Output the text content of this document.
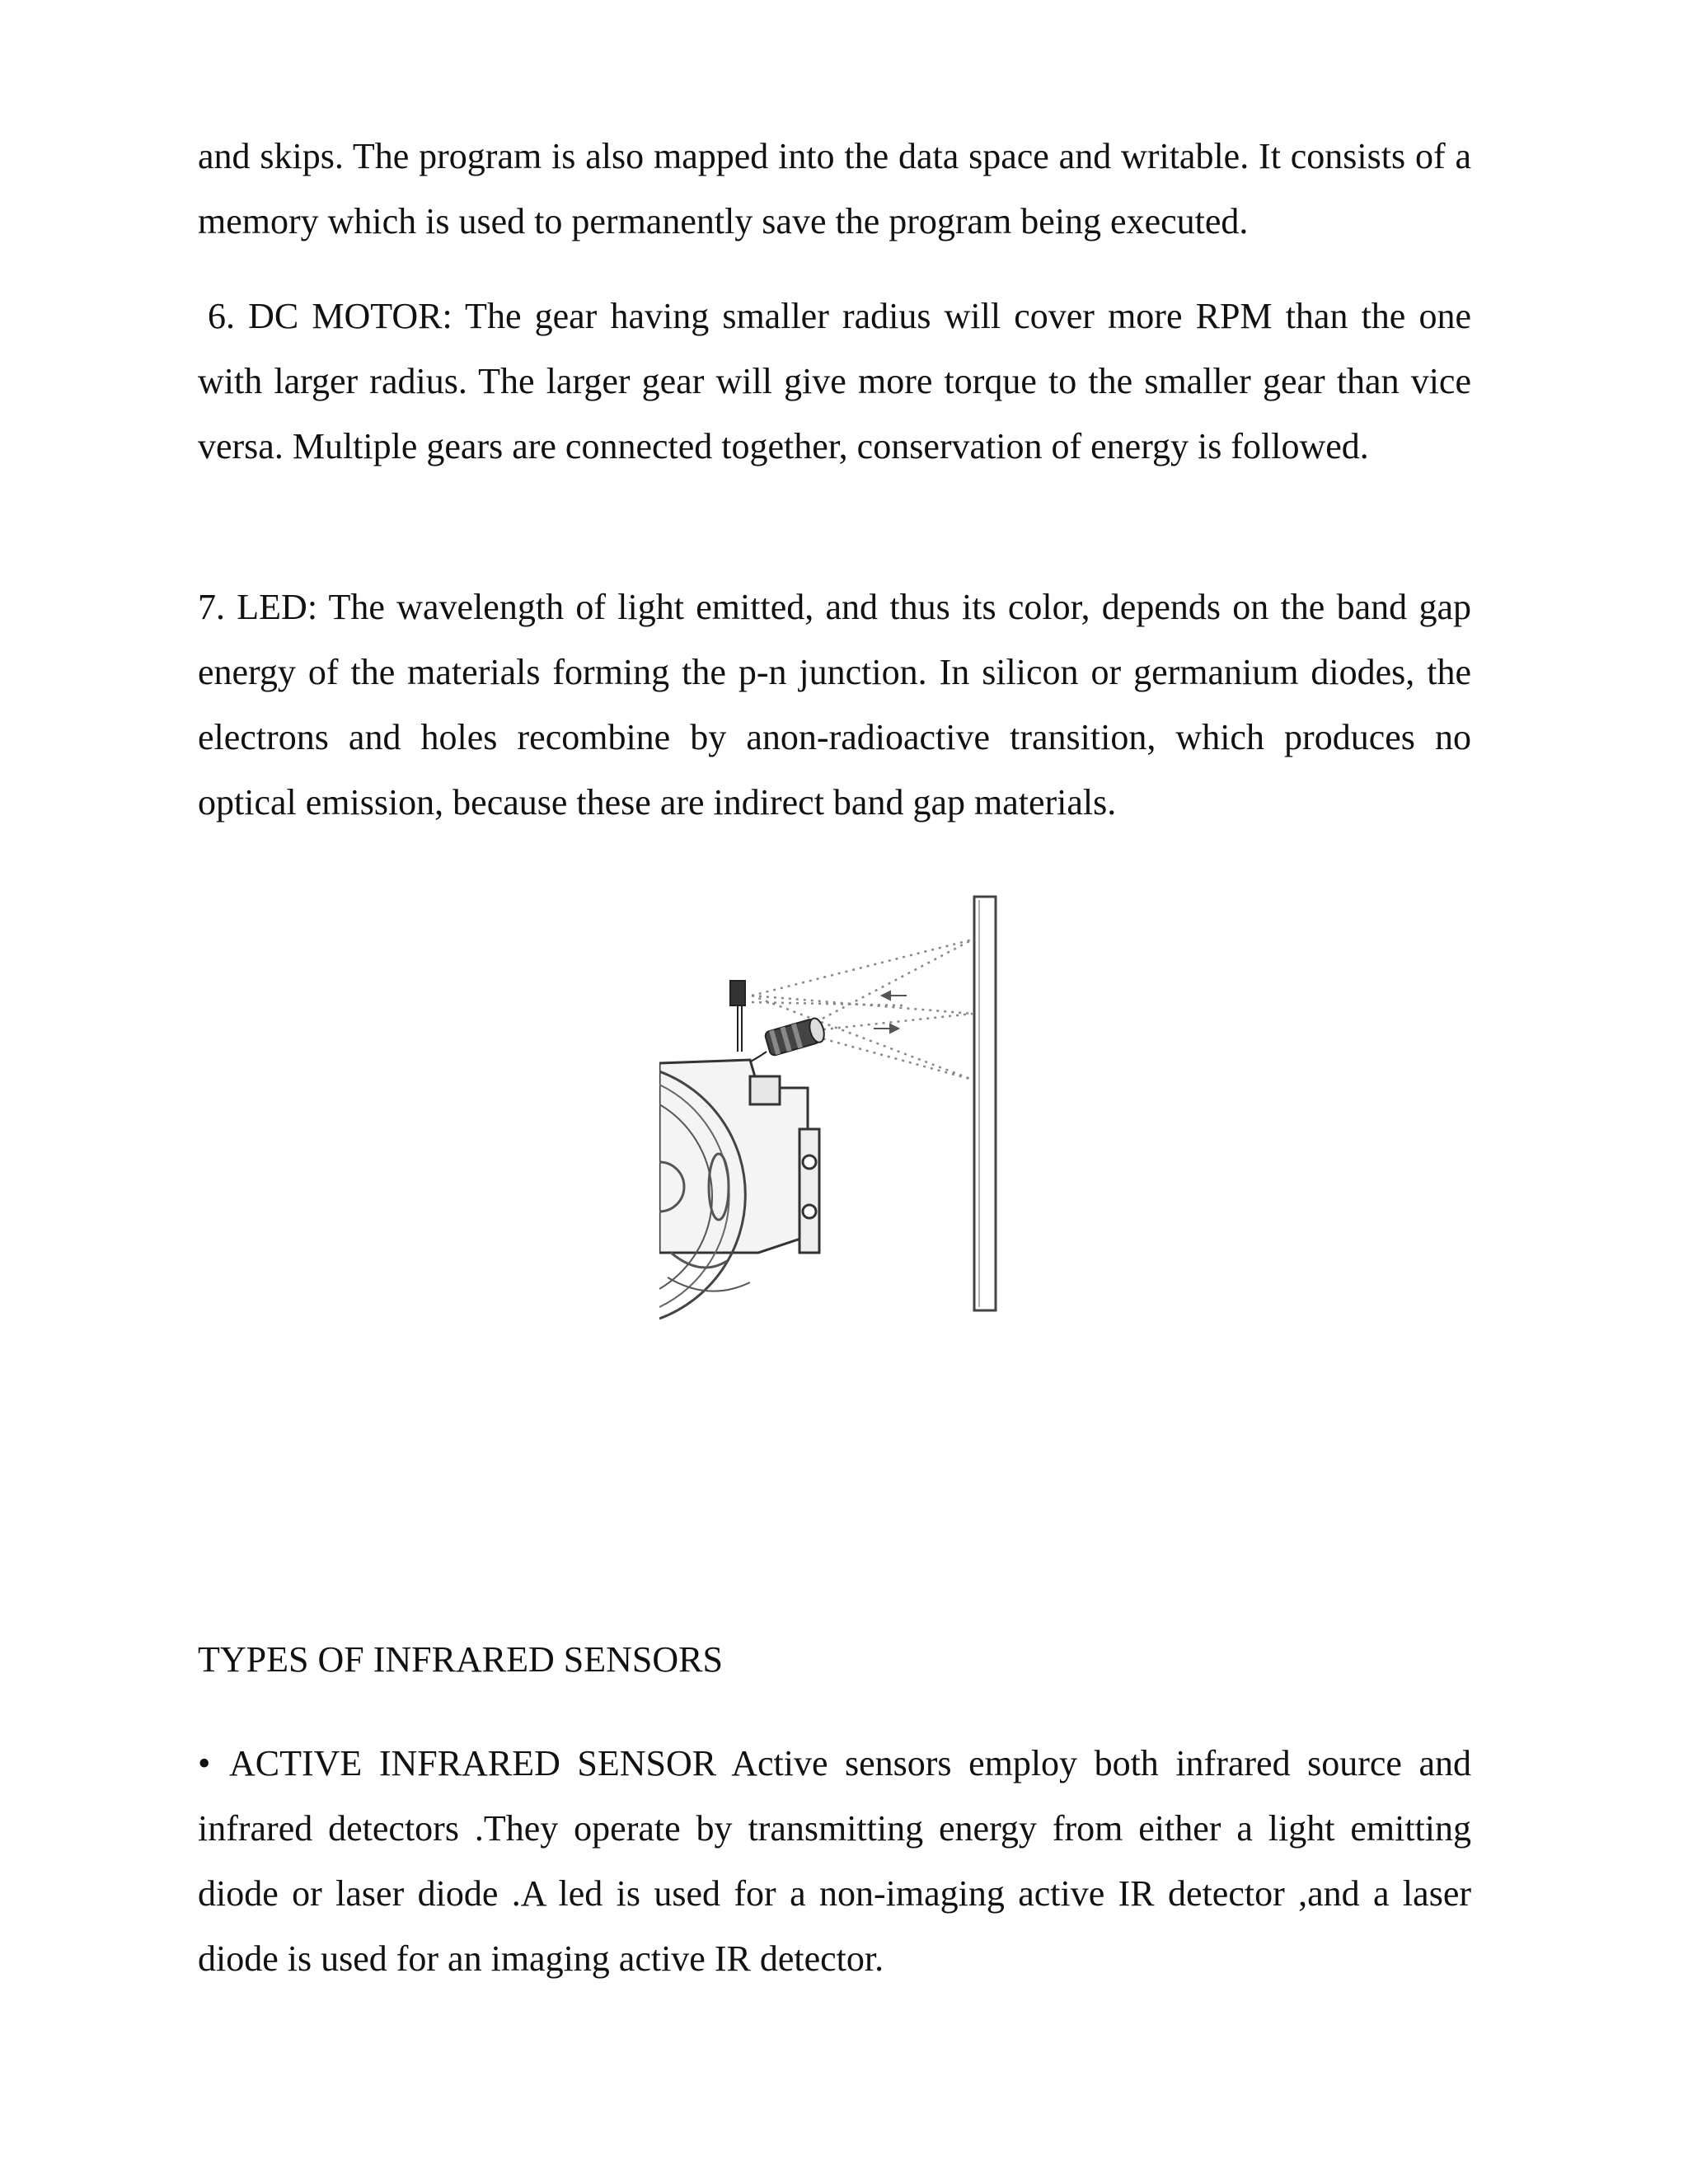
and skips. The program is also mapped into the data space and writable. It consists of a memory which is used to permanently save the program being executed.

6. DC MOTOR: The gear having smaller radius will cover more RPM than the one with larger radius. The larger gear will give more torque to the smaller gear than vice versa. Multiple gears are connected together, conservation of energy is followed.

7. LED: The wavelength of light emitted, and thus its color, depends on the band gap energy of the materials forming the p-n junction. In silicon or germanium diodes, the electrons and holes recombine by anon-radioactive transition, which produces no optical emission, because these are indirect band gap materials.

TYPES OF INFRARED SENSORS

• ACTIVE INFRARED SENSOR Active sensors employ both infrared source and infrared detectors .They operate by transmitting energy from either a light emitting diode or laser diode .A led is used for a non-imaging active IR detector ,and a laser diode is used for an imaging active IR detector.
